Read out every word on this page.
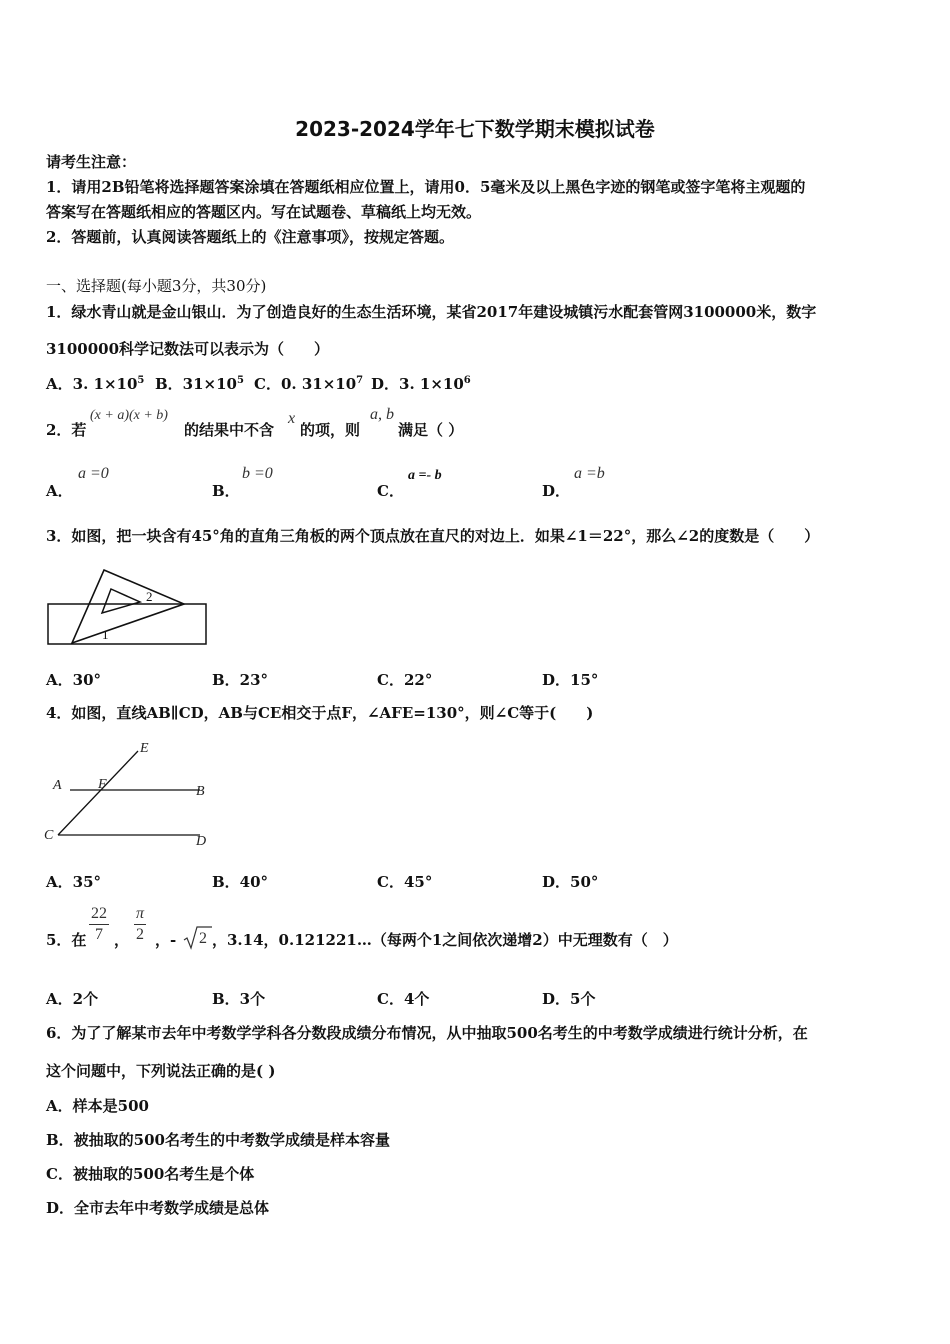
2023-2024学年七下数学期末模拟试卷
请考生注意：
1．请用2B铅笔将选择题答案涂填在答题纸相应位置上，请用0．5毫米及以上黑色字迹的钢笔或签字笔将主观题的
答案写在答题纸相应的答题区内。写在试题卷、草稿纸上均无效。
2．答题前，认真阅读答题纸上的《注意事项》，按规定答题。
一、选择题(每小题3分，共30分)
1．绿水青山就是金山银山．为了创造良好的生态生活环境，某省2017年建设城镇污水配套管网3100000米，数字
3100000科学记数法可以表示为（　　）
A．3. $1\times 10^5$ B．$31\times 10^5$ C．0. $31\times 10^7$ D．3. $1\times 10^6$
2．若
(x + a)(x + b)
的结果中不含
x
的项，则
a, b
满足（ ）
A．
a =0
B．
b =0
C．
a =- b
D．
a =b
3．如图，把一块含有45°角的直角三角板的两个顶点放在直尺的对边上．如果∠1＝22°，那么∠2的度数是（　　）
2
1
A．30°	B．23°	C．22°	D．15°
4．如图，直线AB∥CD，AB与CE相交于点F，∠AFE=130°，则∠C等于(　　)
E
A	F	B
C	D
A．35°	B．40°	C．45°	D．50°
5．在 $\frac{22}{7}$ ， $\frac{\pi}{2}$ ，- 2 ，3.14，0.121221…（每两个1之间依次递增2）中无理数有（　）
A．2个	B．3个	C．4个	D．5个
6．为了了解某市去年中考数学学科各分数段成绩分布情况，从中抽取500名考生的中考数学成绩进行统计分析，在
这个问题中，下列说法正确的是( )
A．样本是500
B．被抽取的500名考生的中考数学成绩是样本容量
C．被抽取的500名考生是个体
D．全市去年中考数学成绩是总体
